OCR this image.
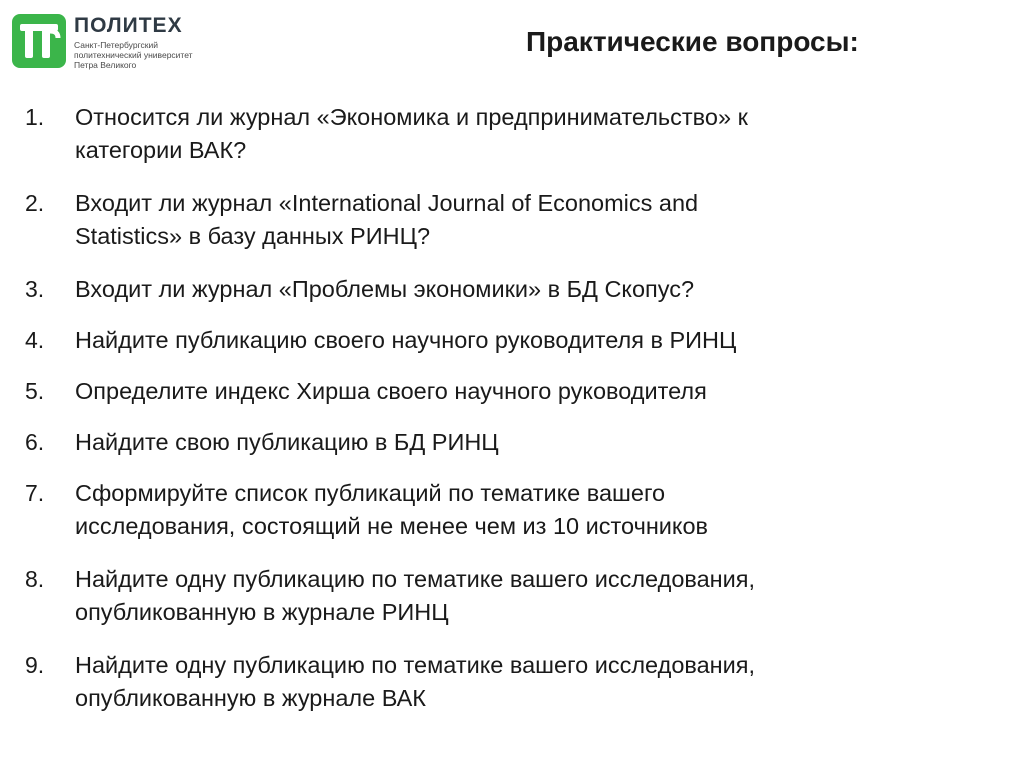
ПОЛИТЕХ
Санкт-Петербургский
политехнический университет
Петра Великого
Практические вопросы:
1.	Относится ли журнал «Экономика и предпринимательство» к
категории ВАК?
2.	Входит ли журнал «International Journal of Economics and
Statistics» в базу данных РИНЦ?
3.	Входит ли журнал «Проблемы экономики» в БД Скопус?
4.	Найдите публикацию своего научного руководителя в РИНЦ
5.	Определите индекс Хирша своего научного руководителя
6.	Найдите свою публикацию в БД РИНЦ
7.	Сформируйте список публикаций по тематике вашего
исследования, состоящий не менее чем из 10 источников
8.	Найдите одну публикацию по тематике вашего исследования,
опубликованную в журнале РИНЦ
9.	Найдите одну публикацию по тематике вашего исследования,
опубликованную в журнале ВАК
